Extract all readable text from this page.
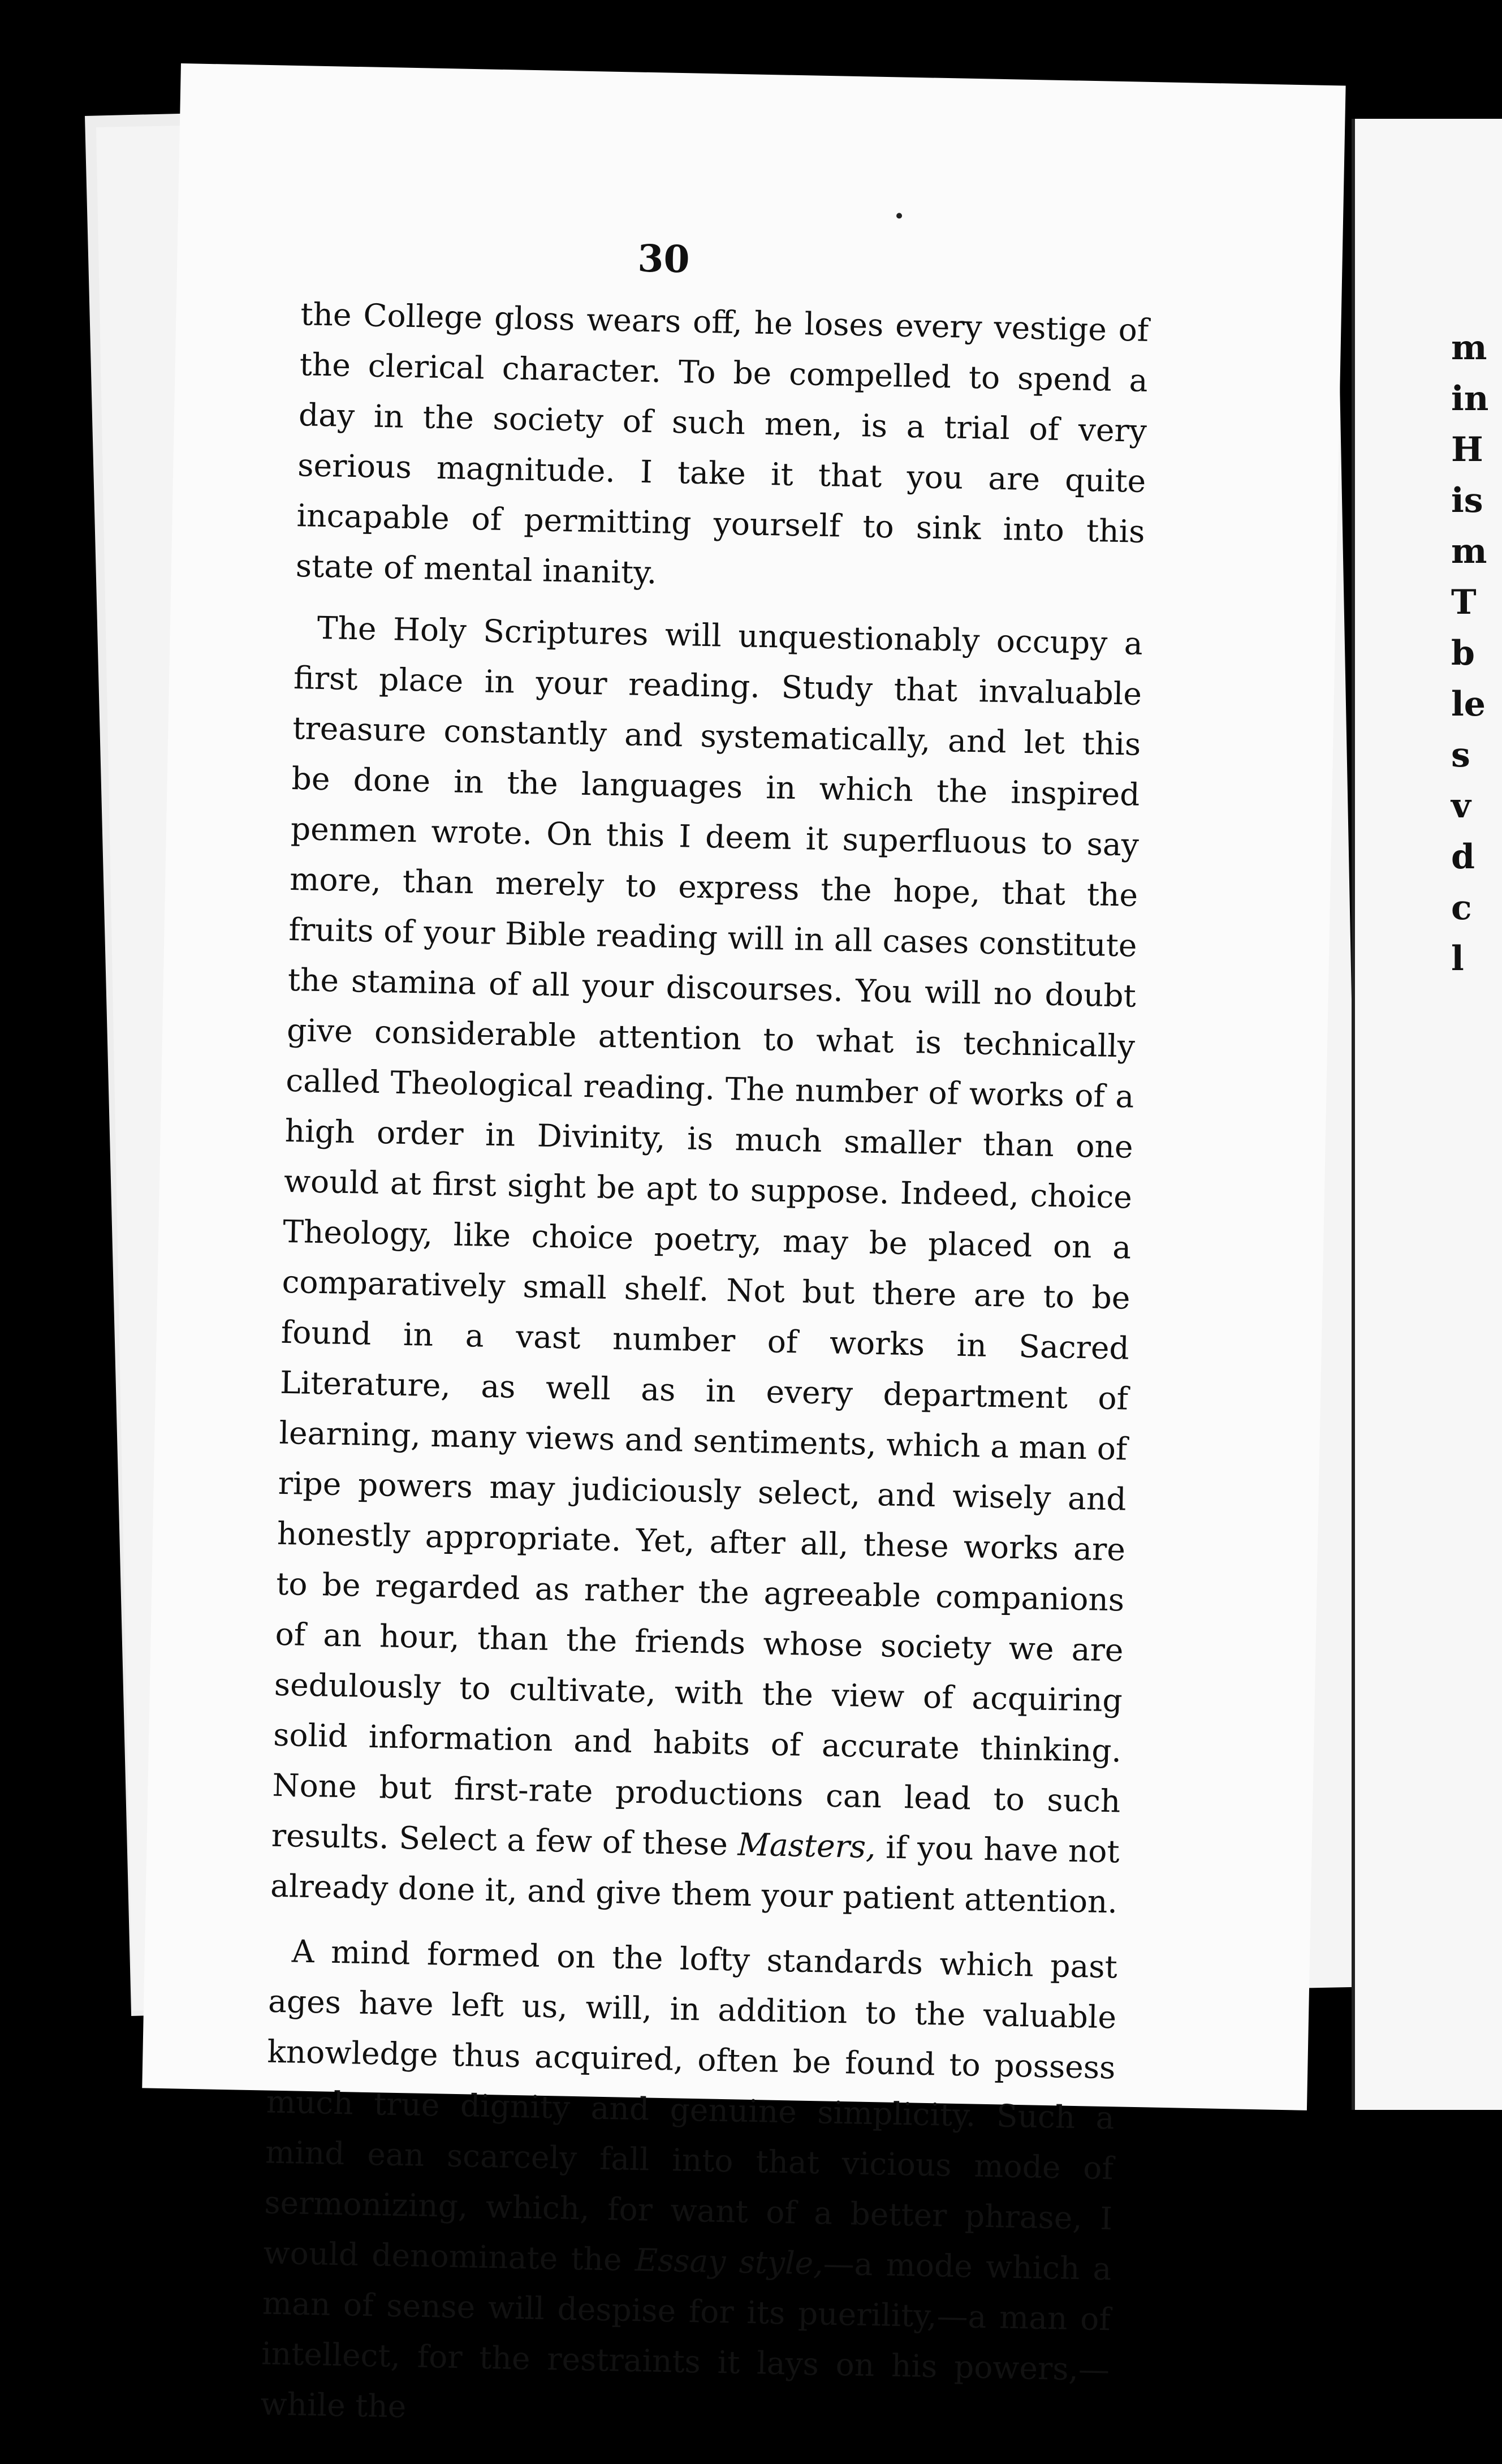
m
in
H
is
m
T
b
le
s
v
d
c
l
30

the College gloss wears off, he loses every vestige of the clerical character. To be compelled to spend a day in the society of such men, is a trial of very serious magnitude. I take it that you are quite incapable of permitting yourself to sink into this state of mental inanity.

The Holy Scriptures will unquestionably occupy a first place in your reading. Study that invaluable treasure constantly and systematically, and let this be done in the languages in which the inspired penmen wrote. On this I deem it superfluous to say more, than merely to express the hope, that the fruits of your Bible reading will in all cases constitute the stamina of all your discourses. You will no doubt give considerable attention to what is technically called Theological reading. The number of works of a high order in Divinity, is much smaller than one would at first sight be apt to suppose. Indeed, choice Theology, like choice poetry, may be placed on a comparatively small shelf. Not but there are to be found in a vast number of works in Sacred Literature, as well as in every department of learning, many views and sentiments, which a man of ripe powers may judiciously select, and wisely and honestly appropriate. Yet, after all, these works are to be regarded as rather the agreeable companions of an hour, than the friends whose society we are sedulously to cultivate, with the view of acquiring solid information and habits of accurate thinking. None but first-rate productions can lead to such results. Select a few of these Masters, if you have not already done it, and give them your patient attention.

A mind formed on the lofty standards which past ages have left us, will, in addition to the valuable knowledge thus acquired, often be found to possess much true dignity and genuine simplicity. Such a mind ean scarcely fall into that vicious mode of sermonizing, which, for want of a better phrase, I would denominate the Essay style,—a mode which a man of sense will despise for its puerility,—a man of intellect, for the restraints it lays on his powers,—while the
